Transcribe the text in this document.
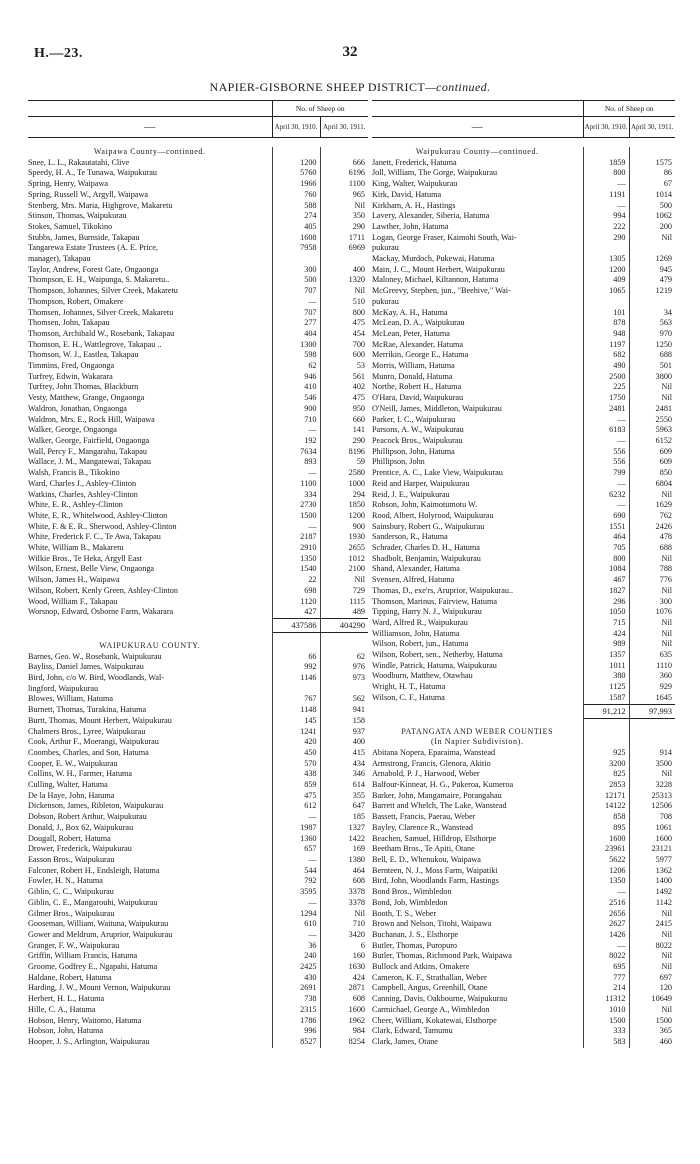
H.—23.	32
NAPIER-GISBORNE SHEEP DISTRICT—continued.
	No. of Sheep on	
—	April 30, 1910.	April 30, 1911.

Waipawa County—continued.		
Snee, L. L., Rakautatahi, Clive	1200	666
Speedy, H. A., Te Tunawa, Waipukurau	5760	6196
Spring, Henry, Waipawa	1966	1100
Spring, Russell W., Argyll, Waipawa	760	965
Stenberg, Mrs. Maria, Highgrove, Makaretu	588	Nil
Stinson, Thomas, Waipukurau	274	350
Stokes, Samuel, Tikokino	405	290
Stubbs, James, Burnside, Takapau	1608	1711
Tangarewa Estate Trustees (A. E. Price,	7958	6969
manager), Takapau		
Taylor, Andrew, Forest Gate, Ongaonga	300	400
Thompson, E. H., Waipunga, S. Makaretu..	500	1320
Thompson, Johannes, Silver Creek, Makaretu	707	Nil
Thompson, Robert, Omakere	—	510
Thomsen, Johannes, Silver Creek, Makaretu	707	800
Thomsen, John, Takapau	277	475
Thomson, Archibald W., Rosebank, Takapau	404	454
Thomson, E. H., Wattlegrove, Takapau ..	1300	700
Thomson, W. J., Eastlea, Takapau	598	600
Timmins, Fred, Ongaonga	62	53
Turfrey, Edwin, Wakarara	946	561
Turfrey, John Thomas, Blackburn	410	402
Vesty, Matthew, Grange, Ongaonga	546	475
Waldron, Jonathan, Ongaonga	900	950
Waldron, Mrs. E., Rock Hill, Waipawa	710	660
Walker, George, Ongaonga	—	141
Walker, George, Fairfield, Ongaonga	192	290
Wall, Percy F., Mangarahu, Takapau	7634	8196
Wallace, J. M., Mangatewai, Takapau	893	59
Walsh, Francis B., Tikokino	—	2580
Ward, Charles J., Ashley-Clinton	1100	1000
Watkins, Charles, Ashley-Clinton	334	294
White, E. R., Ashley-Clinton	2730	1850
White, E. R., Whitelwood, Ashley-Clinton	1500	1200
White, F. & E. R., Sherwood, Ashley-Clinton	—	900
White, Frederick F. C., Te Awa, Takapau	2187	1930
White, William B., Makaretu	2910	2655
Wilkie Bros., Te Heka, Argyll East	1350	1012
Wilson, Ernest, Belle View, Ongaonga	1540	2100
Wilson, James H., Waipawa	22	Nil
Wilson, Robert, Kenly Green, Ashley-Clinton	698	729
Wood, William F., Takapau	1120	1115
Worsnop, Edward, Osborne Farm, Wakarara	427	489
	437586	404290

WAIPUKURAU COUNTY.		
Barnes, Geo. W., Rosebank, Waipukurau	66	62
Bayliss, Daniel James, Waipukurau	992	976
Bird, John, c/o W. Bird, Woodlands, Wal-	1146	973
lingford, Waipukurau		
Blowes, William, Hatuma	767	562
Burnett, Thomas, Turakina, Hatuma	1148	941
Burtt, Thomas, Mount Herbert, Waipukurau	145	158
Chalmers Bros., Lyree, Waipukurau	1241	937
Cook, Arthur F., Moerangi, Waipukurau	420	400
Coombes, Charles, and Son, Hatuma	450	415
Cooper, E. W., Waipukurau	570	434
Collins, W. H., Farmer, Hatuma	438	346
Culling, Walter, Hatuma	859	614
De la Haye, John, Hatuma	475	355
Dickenson, James, Ribleton, Waipukurau	612	647
Dobson, Robert Arthur, Waipukurau	—	185
Donald, J., Box 62, Waipukurau	1987	1327
Dougall, Robert, Hatuma	1360	1422
Drower, Frederick, Waipukurau	657	169
Easson Bros., Waipukurau	—	1380
Falconer, Robert H., Endsleigh, Hatuma	544	464
Fowler, H. N., Hatuma	792	608
Giblin, C. C., Waipukurau	3595	3378
Giblin, C. E., Mangarouhi, Waipukurau	—	3378
Gilmer Bros., Waipukurau	1294	Nil
Gooseman, William, Waituna, Waipukurau	610	710
Gower and Meldrum, Aruprior, Waipukurau	—	3420
Granger, F. W., Waipukurau	36	6
Griffin, William Francis, Hatuma	240	160
Groome, Godfrey E., Ngapahi, Hatuma	2425	1630
Haldane, Robert, Hatuma	430	424
Harding, J. W., Mount Vernon, Waipukurau	2691	2871
Herbert, H. L., Hatuma	738	608
Hille, C. A., Hatuma	2315	1600
Hobson, Henry, Waitomo, Hatuma	1786	1962
Hobson, John, Hatuma	996	984
Hooper, J. S., Arlington, Waipukurau	8527	8254
	No. of Sheep on	
—	April 30, 1910.	April 30, 1911.

Waipukurau County—continued.		
Janett, Frederick, Hatuma	1859	1575
Joll, William, The Gorge, Waipukurau	800	86
King, Walter, Waipukurau	—	67
Kirk, David, Hatuma	1191	1014
Kirkham, A. H., Hastings	—	500
Lavery, Alexander, Siberia, Hatuma	994	1062
Lawther, John, Hatuma	222	200
Logan, George Fraser, Kaimohi South, Wai-	290	Nil
pukurau		
Mackay, Murdoch, Pukewai, Hatuma	1305	1269
Main, J. C., Mount Herbert, Waipukurau	1200	945
Maloney, Michael, Kiltannon, Hatuma	409	479
McGreevy, Stephen, jun., "Beehive," Wai-	1065	1219
pukurau		
McKay, A. H., Hatuma	101	34
McLean, D. A., Waipukurau	878	563
McLean, Peter, Hatuma	948	970
McRae, Alexander, Hatuma	1197	1250
Merrikin, George E., Hatuma	682	688
Morris, William, Hatuma	490	501
Munro, Donald, Hatuma	2500	3800
Northe, Robert H., Hatuma	225	Nil
O'Hara, David, Waipukurau	1750	Nil
O'Neill, James, Middleton, Waipukurau	2481	2481
Parker, I. C., Waipukurau	—	2550
Parsons, A. W., Waipukurau	6183	5963
Peacock Bros., Waipukurau	—	6152
Phillipson, John, Hatuma	556	609
Phillipson, John	556	609
Prentice, A. C., Lake View, Waipukurau	799	850
Reid and Harper, Waipukurau	—	6804
Reid, J. E., Waipukurau	6232	Nil
Robson, John, Kaimotumotu W.	—	1629
Rood, Albert, Holyrood, Waipukurau	690	762
Sainsbury, Robert G., Waipukurau	1551	2426
Sanderson, R., Hatuma	464	478
Schrader, Charles D. H., Hatuma	705	688
Shadbolt, Benjamin, Waipukurau	800	Nil
Shand, Alexander, Hatuma	1084	788
Svensen, Alfred, Hatuma	467	776
Thomas, D., exe'rs, Aruprior, Waipukurau..	1827	Nil
Thomson, Marinus, Fairview, Hatuma	296	300
Tipping, Harry N. J., Waipukurau	1050	1076
Ward, Alfred R., Waipukurau	715	Nil
Williamson, John, Hatuma	424	Nil
Wilson, Robert, jun., Hatuma	989	Nil
Wilson, Robert, sen., Netherby, Hatuma	1357	635
Windle, Patrick, Hatuma, Waipukurau	1011	1110
Woodburn, Matthew, Otawhau	380	360
Wright, H. T., Hatuma	1125	929
Wilson, C. F., Hatuma	1587	1645
	91,212	97,993

PATANGATA AND WEBER COUNTIES		
(In Napier Subdivision).		
Abitana Nopera, Eparaima, Wanstead	925	914
Armstrong, Francis, Glenora, Akitio	3200	3500
Arnabold, P. J., Harwood, Weber	825	Nil
Balfour-Kinnear, H. G., Pukeroa, Kumeroa	2853	3228
Barker, John, Mangamaire, Porangahau	12171	25313
Barrett and Whelch, The Lake, Wanstead	14122	12506
Bassett, Francis, Paerau, Weber	858	708
Bayley, Clarence R., Wanstead	895	1061
Beachen, Samuel, Hilldrop, Elsthorpe	1600	1600
Beetham Bros., Te Apiti, Otane	23961	23121
Bell, E. D., Whenukou, Waipawa	5622	5977
Bernteen, N. J., Moss Farm, Waipatiki	1206	1362
Bird, John, Woodlands Farm, Hastings	1350	1400
Bond Bros., Wimbledon	—	1492
Bond, Job, Wimbledon	2516	1142
Booth, T. S., Weber	2656	Nil
Brown and Nelson, Titohi, Waipawa	2627	2415
Buchanan, J. S., Elsthorpe	1426	Nil
Butler, Thomas, Puropuro	—	8022
Butler, Thomas, Richmond Park, Waipawa	8022	Nil
Bullock and Atkins, Omakere	695	Nil
Cameron, K. F., Strathallan, Weber	777	697
Campbell, Angus, Greenhill, Otane	214	120
Canning, Davis, Oakbourne, Waipukurau	11312	10649
Carmichael, George A., Wimbledon	1010	Nil
Cheer, William, Kokatewai, Elsthorpe	1500	1500
Clark, Edward, Tamumu	333	365
Clark, James, Otane	583	460
